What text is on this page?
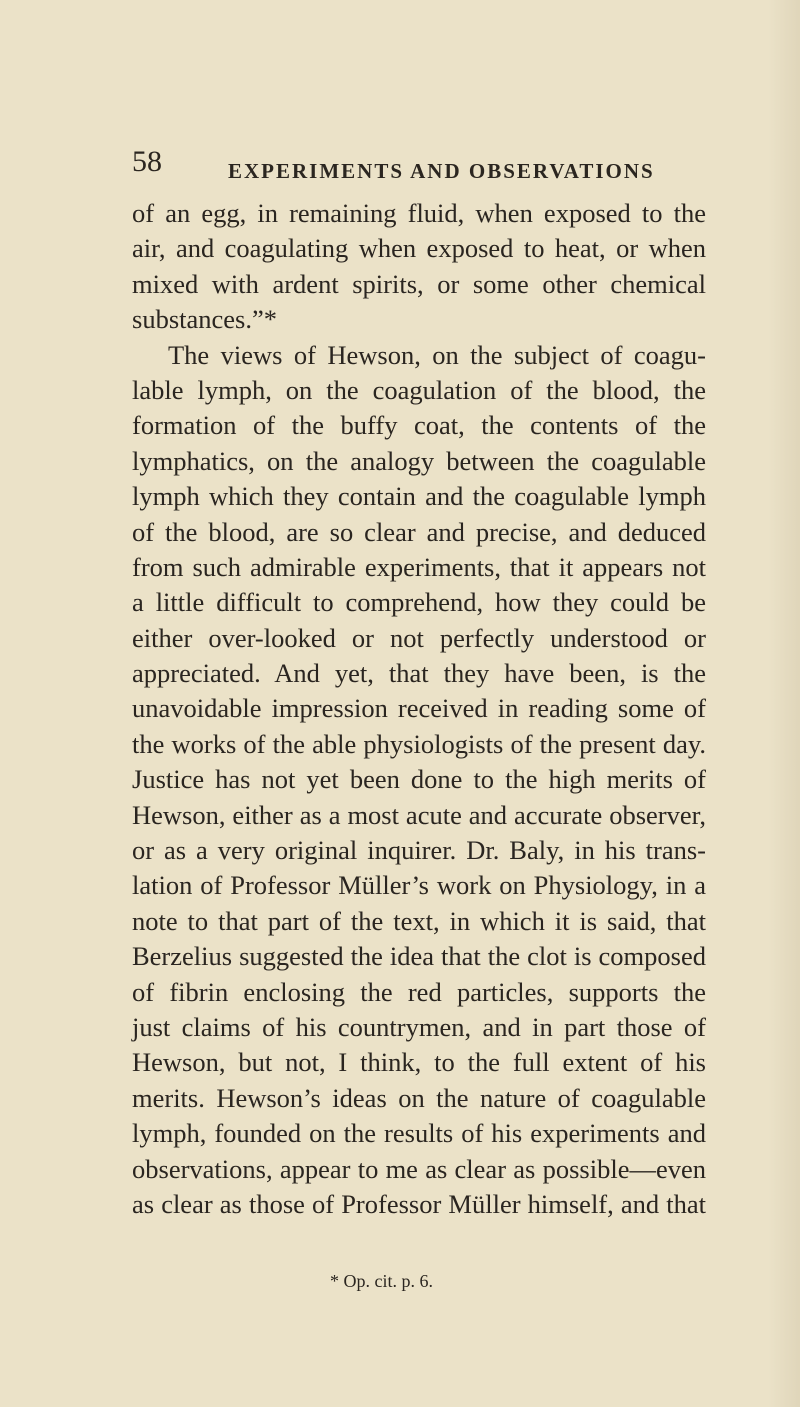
58	EXPERIMENTS AND OBSERVATIONS
of an egg, in remaining fluid, when exposed to the
air, and coagulating when exposed to heat, or when
mixed with ardent spirits, or some other chemical
substances.”*
The views of Hewson, on the subject of coagu-
lable lymph, on the coagulation of the blood, the
formation of the buffy coat, the contents of the
lymphatics, on the analogy between the coagulable
lymph which they contain and the coagulable lymph
of the blood, are so clear and precise, and deduced
from such admirable experiments, that it appears not
a little difficult to comprehend, how they could be
either over-looked or not perfectly understood or
appreciated. And yet, that they have been, is the
unavoidable impression received in reading some of
the works of the able physiologists of the present day.
Justice has not yet been done to the high merits of
Hewson, either as a most acute and accurate observer,
or as a very original inquirer. Dr. Baly, in his trans-
lation of Professor Müller’s work on Physiology, in a
note to that part of the text, in which it is said, that
Berzelius suggested the idea that the clot is composed
of fibrin enclosing the red particles, supports the
just claims of his countrymen, and in part those of
Hewson, but not, I think, to the full extent of his
merits. Hewson’s ideas on the nature of coagulable
lymph, founded on the results of his experiments and
observations, appear to me as clear as possible—even
as clear as those of Professor Müller himself, and that
* Op. cit. p. 6.
